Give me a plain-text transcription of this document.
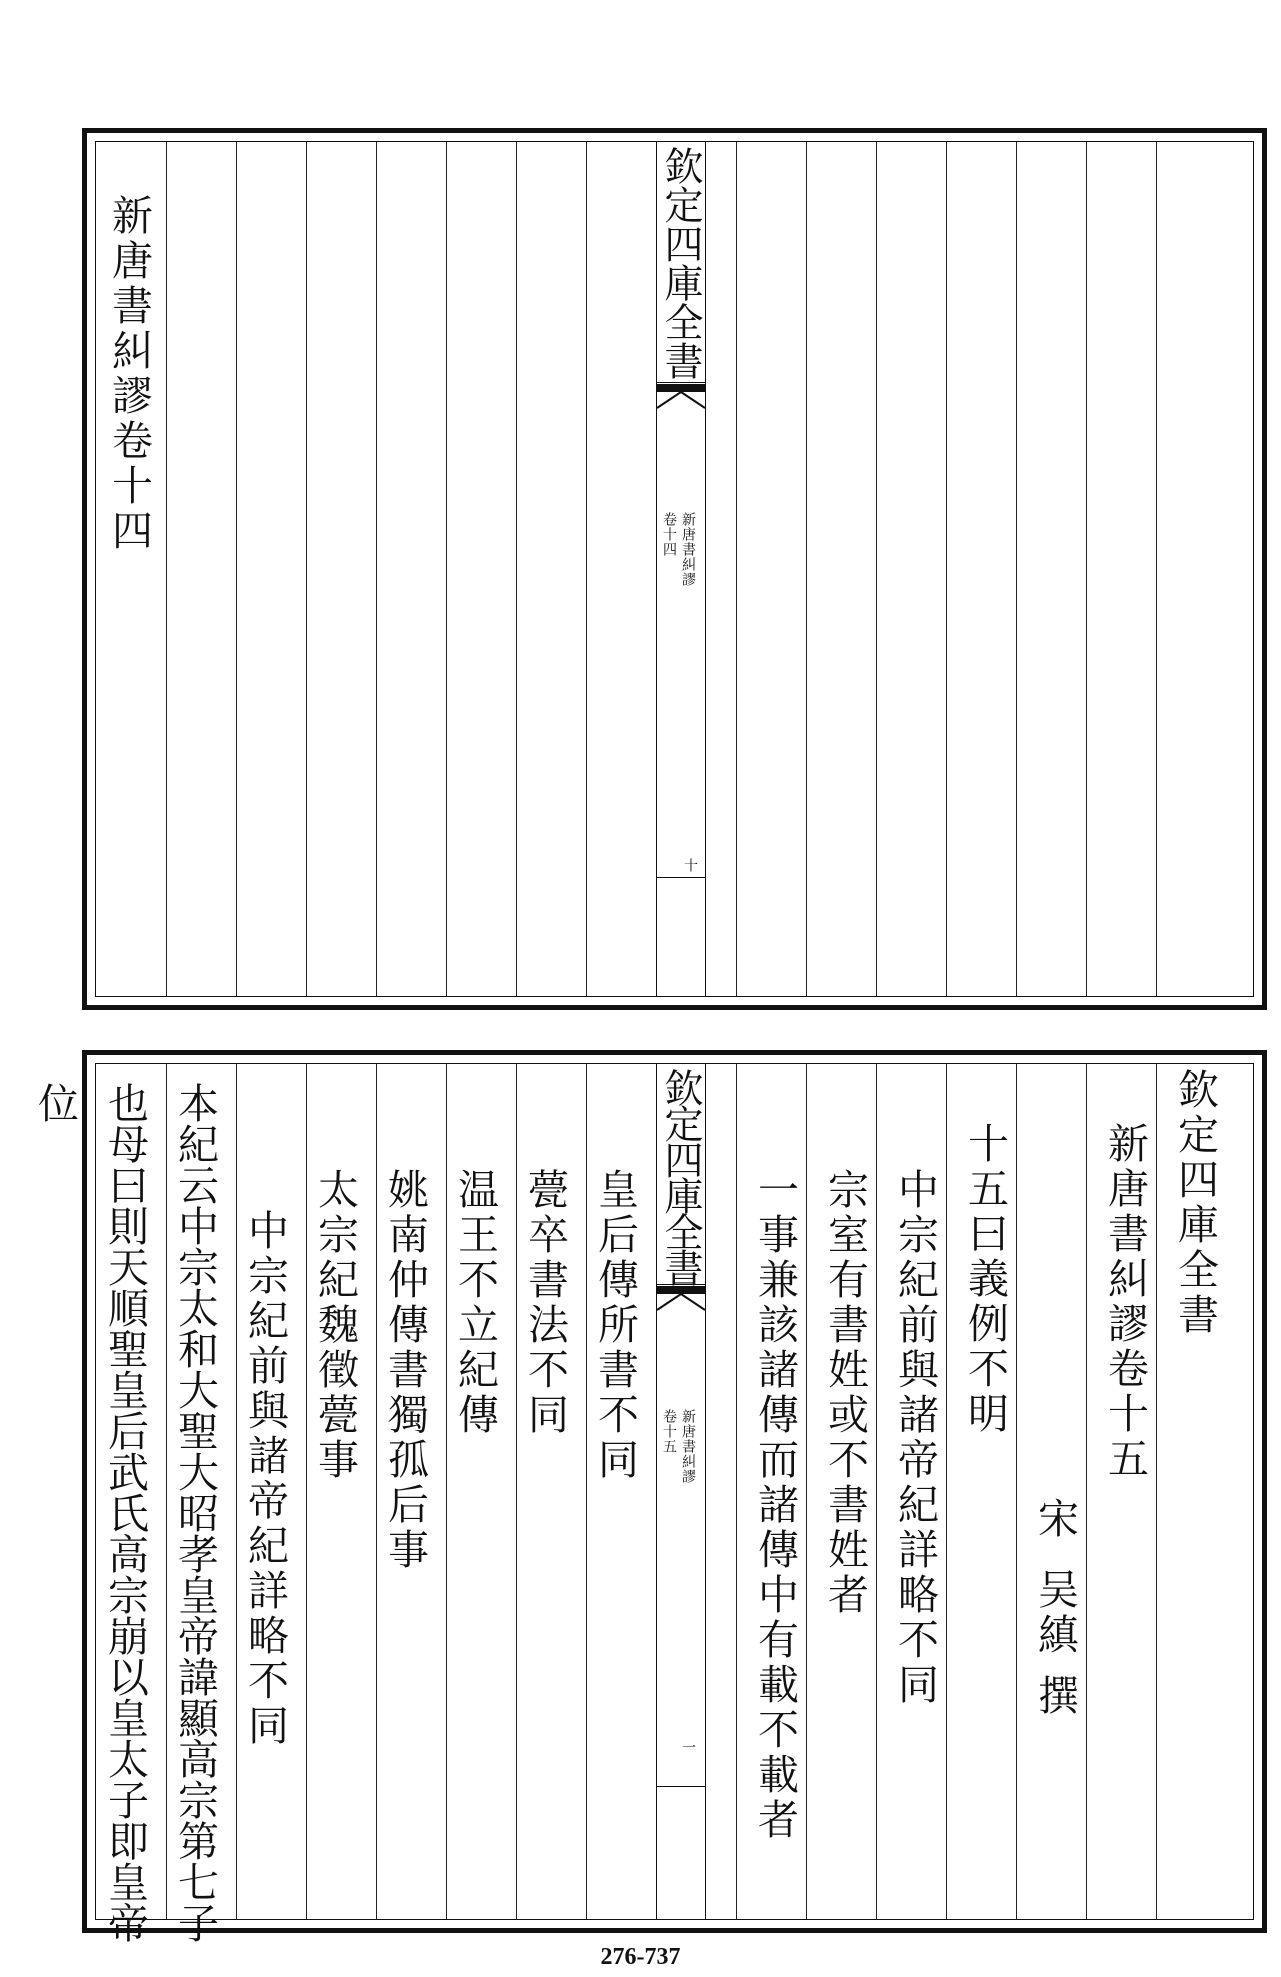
新唐書糾謬卷十四	欽定四庫全書
新唐書糾謬
卷十四
十
欽定四庫全書
新唐書糾謬卷十五
宋
吴縝
撰
十五曰義例不明
中宗紀前與諸帝紀詳略不同
宗室有書姓或不書姓者
一事兼該諸傳而諸傳中有載不載者
欽定四庫全書
新唐書糾謬
卷十五
一
皇后傳所書不同
甍卒書法不同
温王不立紀傳
姚南仲傳書獨孤后事
太宗紀魏徵甍事
中宗紀前與諸帝紀詳略不同
本紀云中宗太和大聖大昭孝皇帝諱顯高宗第七子
也母曰則天順聖皇后武氏高宗崩以皇太子即皇帝
位
276-737
